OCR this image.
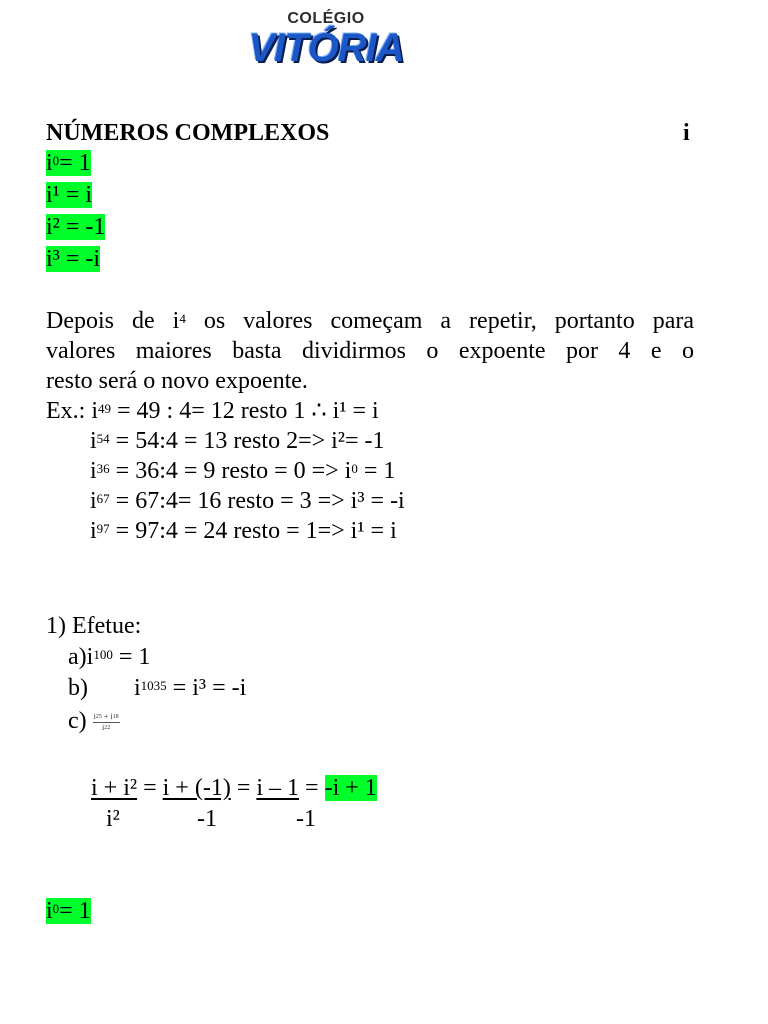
COLÉGIO
VITÓRIA
NÚMEROS COMPLEXOS	i
$i^0= 1$
i¹ = i
i² = -1
i³ = -i
Depois de $i^4$ os valores começam a repetir, portanto para
valores maiores basta dividirmos o expoente por 4 e o
resto será o novo expoente.
Ex.: $i^{49} = 49$ : 4= 12 resto 1 ∴ i¹ = i
$i^{54}$ = 54:4 = 13 resto 2=> i²= -1
$i^{36}$ = 36:4 = 9 resto = $0 => i^0 = 1$
$i^{67}$ = 67:4= 16 resto = 3 => i³ = -i
$i^{97}$ = 97:4 = 24 resto = 1=> i¹ = i
1) Efetue:
$a)i^{100} = 1$
b) $i^{1035} = i^3 = -i$
$c) \frac{i^{25} + i^{18}}{i^{22}}$
i + i² = i + (-1) = i – 1 = -i + 1
i²	-1	-1
$i^0= 1$
